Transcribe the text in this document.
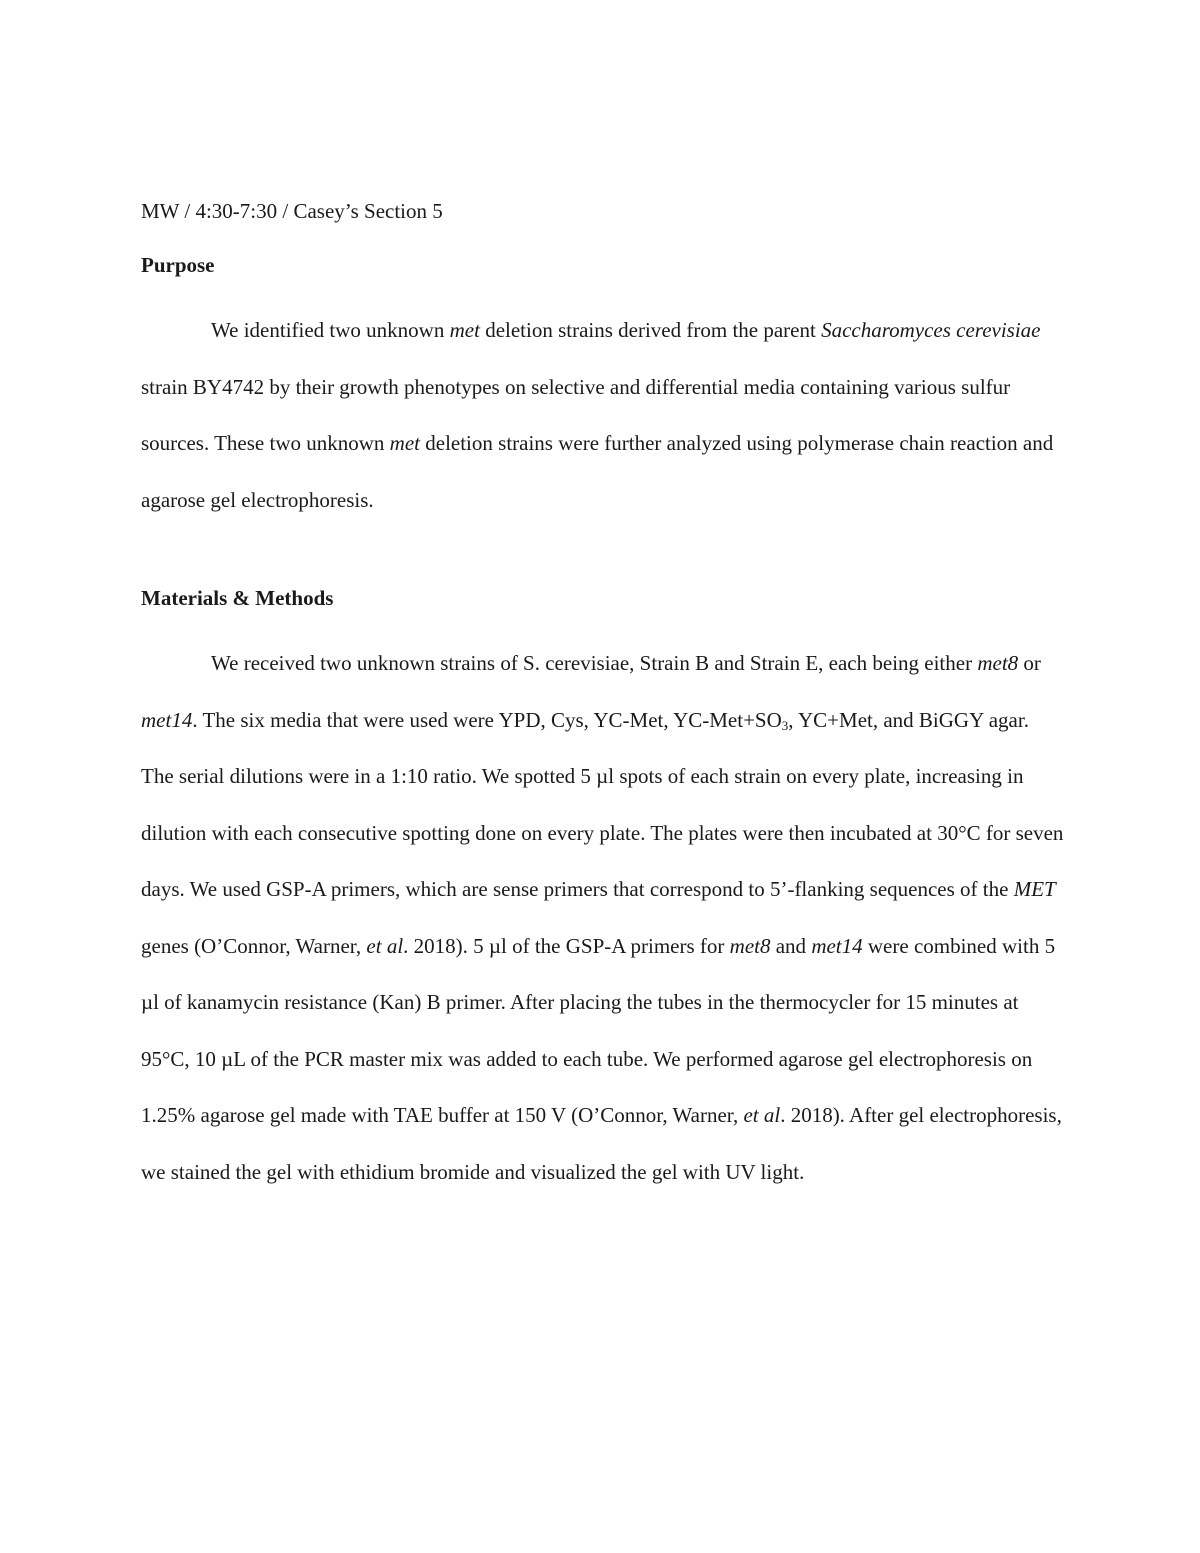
MW / 4:30-7:30 / Casey’s Section 5

Purpose

We identified two unknown met deletion strains derived from the parent Saccharomyces cerevisiae strain BY4742 by their growth phenotypes on selective and differential media containing various sulfur sources. These two unknown met deletion strains were further analyzed using polymerase chain reaction and agarose gel electrophoresis.

Materials & Methods

We received two unknown strains of S. cerevisiae, Strain B and Strain E, each being either met8 or met14. The six media that were used were YPD, Cys, YC-Met, $YC-Met+SO_3$, YC+Met, and BiGGY agar. The serial dilutions were in a 1:10 ratio. We spotted 5 µl spots of each strain on every plate, increasing in dilution with each consecutive spotting done on every plate. The plates were then incubated at 30°C for seven days. We used GSP-A primers, which are sense primers that correspond to 5’-flanking sequences of the MET genes (O’Connor, Warner, et al. 2018). 5 µl of the GSP-A primers for met8 and met14 were combined with 5 µl of kanamycin resistance (Kan) B primer. After placing the tubes in the thermocycler for 15 minutes at 95°C, 10 µL of the PCR master mix was added to each tube. We performed agarose gel electrophoresis on 1.25% agarose gel made with TAE buffer at 150 V (O’Connor, Warner, et al. 2018). After gel electrophoresis, we stained the gel with ethidium bromide and visualized the gel with UV light.
